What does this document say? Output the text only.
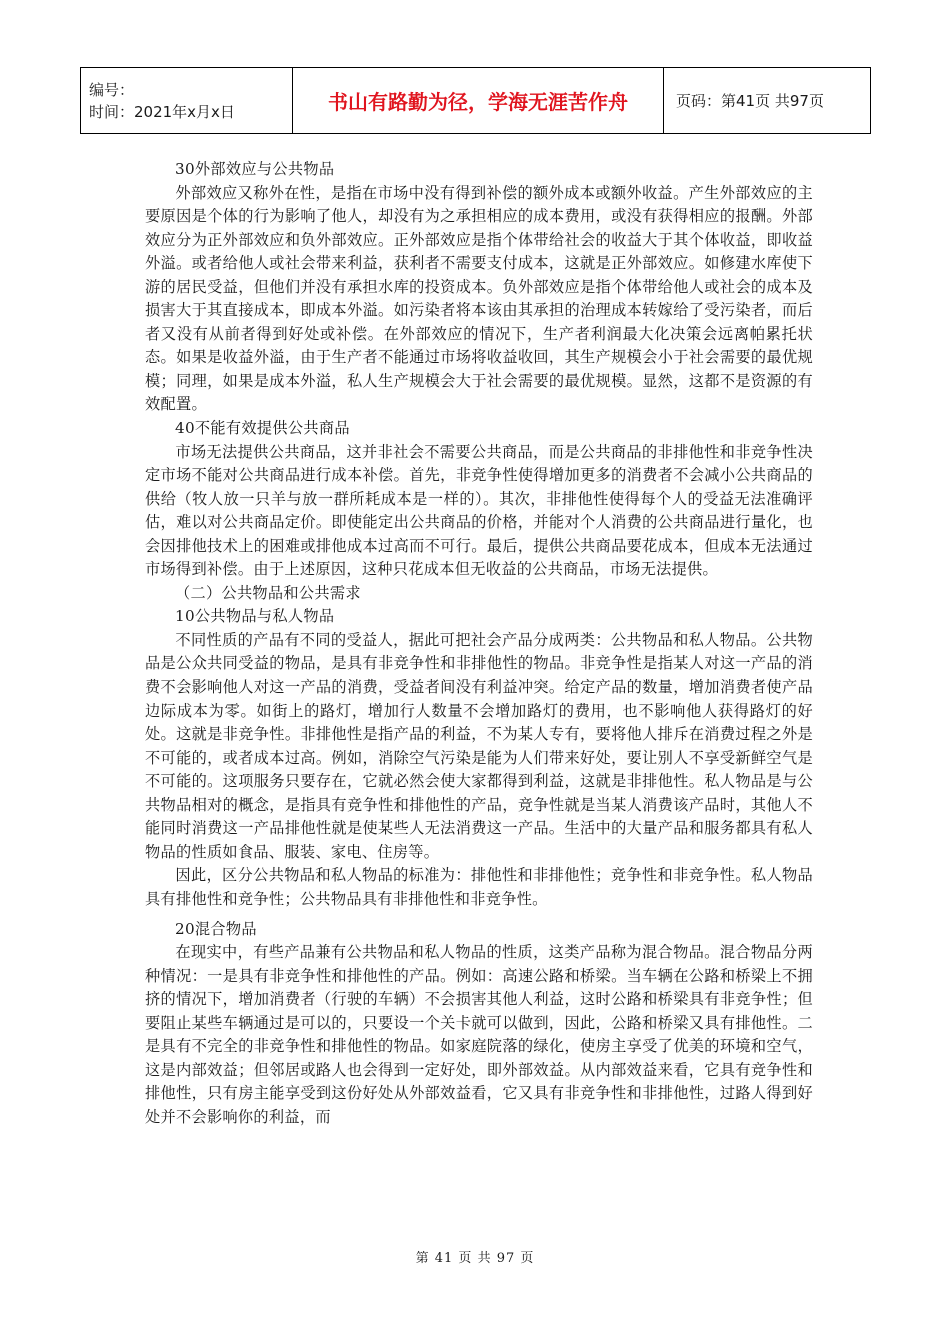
编号：
时间：2021年x月x日	书山有路勤为径，学海无涯苦作舟	页码：第41页 共97页

30外部效应与公共物品

外部效应又称外在性，是指在市场中没有得到补偿的额外成本或额外收益。产生外部效应的主要原因是个体的行为影响了他人，却没有为之承担相应的成本费用，或没有获得相应的报酬。外部效应分为正外部效应和负外部效应。正外部效应是指个体带给社会的收益大于其个体收益，即收益外溢。或者给他人或社会带来利益，获利者不需要支付成本，这就是正外部效应。如修建水库使下游的居民受益，但他们并没有承担水库的投资成本。负外部效应是指个体带给他人或社会的成本及损害大于其直接成本，即成本外溢。如污染者将本该由其承担的治理成本转嫁给了受污染者，而后者又没有从前者得到好处或补偿。在外部效应的情况下，生产者利润最大化决策会远离帕累托状态。如果是收益外溢，由于生产者不能通过市场将收益收回，其生产规模会小于社会需要的最优规模；同理，如果是成本外溢，私人生产规模会大于社会需要的最优规模。显然，这都不是资源的有效配置。

40不能有效提供公共商品

市场无法提供公共商品，这并非社会不需要公共商品，而是公共商品的非排他性和非竞争性决定市场不能对公共商品进行成本补偿。首先，非竞争性使得增加更多的消费者不会减小公共商品的供给（牧人放一只羊与放一群所耗成本是一样的）。其次，非排他性使得每个人的受益无法准确评估，难以对公共商品定价。即使能定出公共商品的价格，并能对个人消费的公共商品进行量化，也会因排他技术上的困难或排他成本过高而不可行。最后，提供公共商品要花成本，但成本无法通过市场得到补偿。由于上述原因，这种只花成本但无收益的公共商品，市场无法提供。

（二）公共物品和公共需求

10公共物品与私人物品

不同性质的产品有不同的受益人，据此可把社会产品分成两类：公共物品和私人物品。公共物品是公众共同受益的物品，是具有非竞争性和非排他性的物品。非竞争性是指某人对这一产品的消费不会影响他人对这一产品的消费，受益者间没有利益冲突。给定产品的数量，增加消费者使产品边际成本为零。如街上的路灯，增加行人数量不会增加路灯的费用，也不影响他人获得路灯的好处。这就是非竞争性。非排他性是指产品的利益，不为某人专有，要将他人排斥在消费过程之外是不可能的，或者成本过高。例如，消除空气污染是能为人们带来好处，要让别人不享受新鲜空气是不可能的。这项服务只要存在，它就必然会使大家都得到利益，这就是非排他性。私人物品是与公共物品相对的概念，是指具有竞争性和排他性的产品，竞争性就是当某人消费该产品时，其他人不能同时消费这一产品排他性就是使某些人无法消费这一产品。生活中的大量产品和服务都具有私人物品的性质如食品、服装、家电、住房等。

因此，区分公共物品和私人物品的标准为：排他性和非排他性；竞争性和非竞争性。私人物品具有排他性和竞争性；公共物品具有非排他性和非竞争性。

20混合物品

在现实中，有些产品兼有公共物品和私人物品的性质，这类产品称为混合物品。混合物品分两种情况：一是具有非竞争性和排他性的产品。例如：高速公路和桥梁。当车辆在公路和桥梁上不拥挤的情况下，增加消费者（行驶的车辆）不会损害其他人利益，这时公路和桥梁具有非竞争性；但要阻止某些车辆通过是可以的，只要设一个关卡就可以做到，因此，公路和桥梁又具有排他性。二是具有不完全的非竞争性和排他性的物品。如家庭院落的绿化，使房主享受了优美的环境和空气，这是内部效益；但邻居或路人也会得到一定好处，即外部效益。从内部效益来看，它具有竞争性和排他性，只有房主能享受到这份好处从外部效益看，它又具有非竞争性和非排他性，过路人得到好处并不会影响你的利益，而

第 41 页 共 97 页
